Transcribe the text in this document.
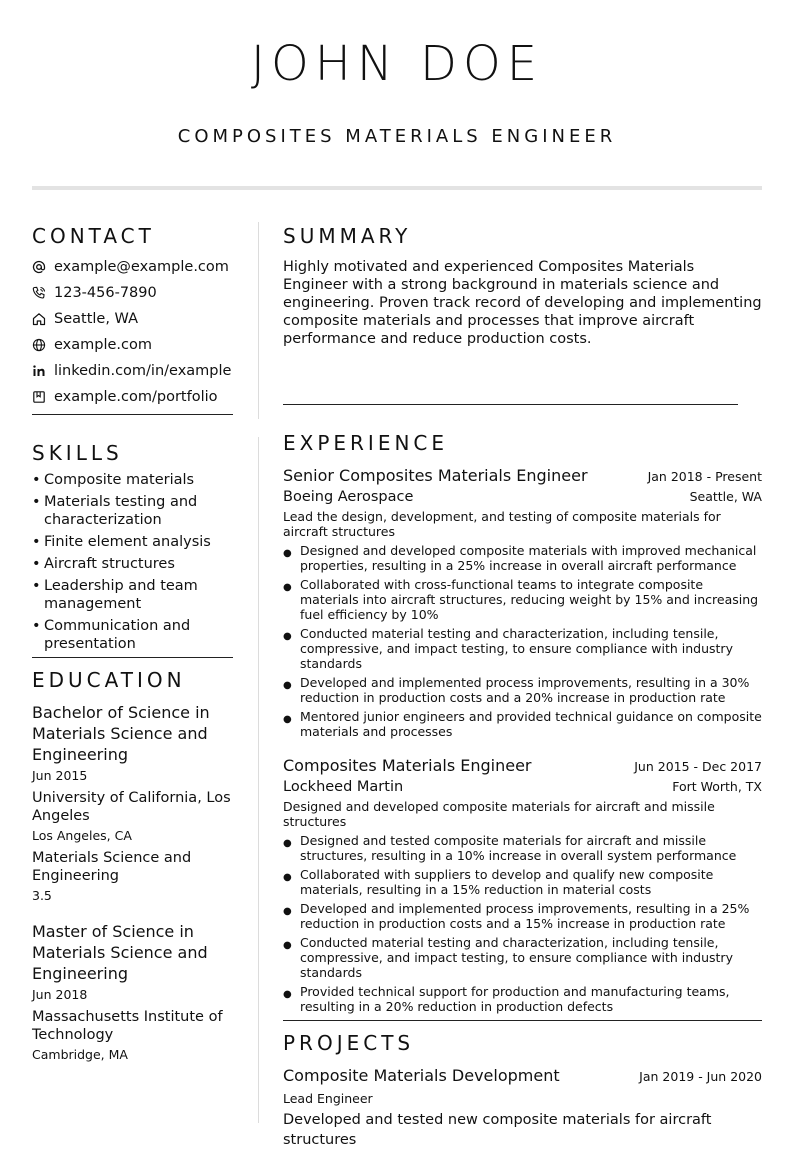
JOHN DOE
COMPOSITES MATERIALS ENGINEER
CONTACT
example@example.com
123-456-7890
Seattle, WA
example.com
linkedin.com/in/example
example.com/portfolio
SKILLS
• Composite materials
• Materials testing and characterization
• Finite element analysis
• Aircraft structures
• Leadership and team management
• Communication and presentation
EDUCATION
Bachelor of Science in Materials Science and Engineering
Jun 2015
University of California, Los Angeles
Los Angeles, CA
Materials Science and Engineering
3.5
Master of Science in Materials Science and Engineering
Jun 2018
Massachusetts Institute of Technology
Cambridge, MA
SUMMARY

Highly motivated and experienced Composites Materials Engineer with a strong background in materials science and engineering. Proven track record of developing and implementing composite materials and processes that improve aircraft performance and reduce production costs.

EXPERIENCE
Senior Composites Materials Engineer	Jan 2018 - Present
Boeing Aerospace	Seattle, WA
Lead the design, development, and testing of composite materials for aircraft structures
● Designed and developed composite materials with improved mechanical properties, resulting in a 25% increase in overall aircraft performance
● Collaborated with cross-functional teams to integrate composite materials into aircraft structures, reducing weight by 15% and increasing fuel efficiency by 10%
● Conducted material testing and characterization, including tensile, compressive, and impact testing, to ensure compliance with industry standards
● Developed and implemented process improvements, resulting in a 30% reduction in production costs and a 20% increase in production rate
● Mentored junior engineers and provided technical guidance on composite materials and processes
Composites Materials Engineer	Jun 2015 - Dec 2017
Lockheed Martin	Fort Worth, TX
Designed and developed composite materials for aircraft and missile structures
● Designed and tested composite materials for aircraft and missile structures, resulting in a 10% increase in overall system performance
● Collaborated with suppliers to develop and qualify new composite materials, resulting in a 15% reduction in material costs
● Developed and implemented process improvements, resulting in a 25% reduction in production costs and a 15% increase in production rate
● Conducted material testing and characterization, including tensile, compressive, and impact testing, to ensure compliance with industry standards
● Provided technical support for production and manufacturing teams, resulting in a 20% reduction in production defects
PROJECTS
Composite Materials Development	Jan 2019 - Jun 2020
Lead Engineer
Developed and tested new composite materials for aircraft structures
